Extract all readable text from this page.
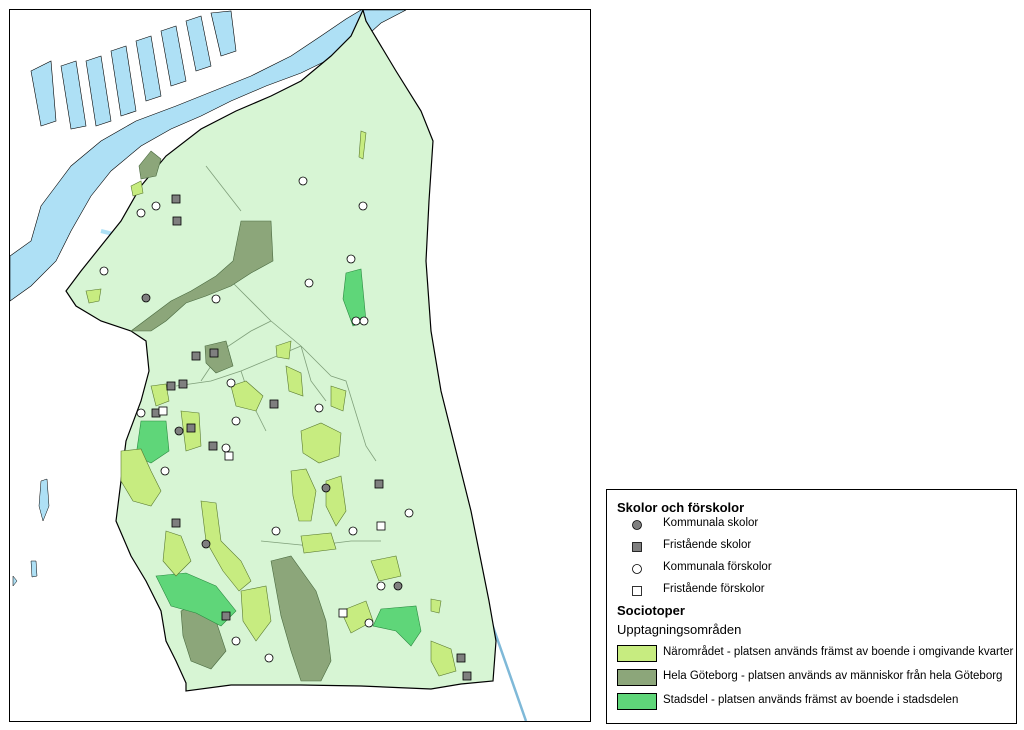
Skolor och förskolor
Kommunala skolor
Fristående skolor
Kommunala förskolor
Fristående förskolor
Sociotoper
Upptagningsområden
Närområdet - platsen används främst av boende i omgivande kvarter
Hela Göteborg - platsen används av människor från hela Göteborg
Stadsdel - platsen används främst av boende i stadsdelen
